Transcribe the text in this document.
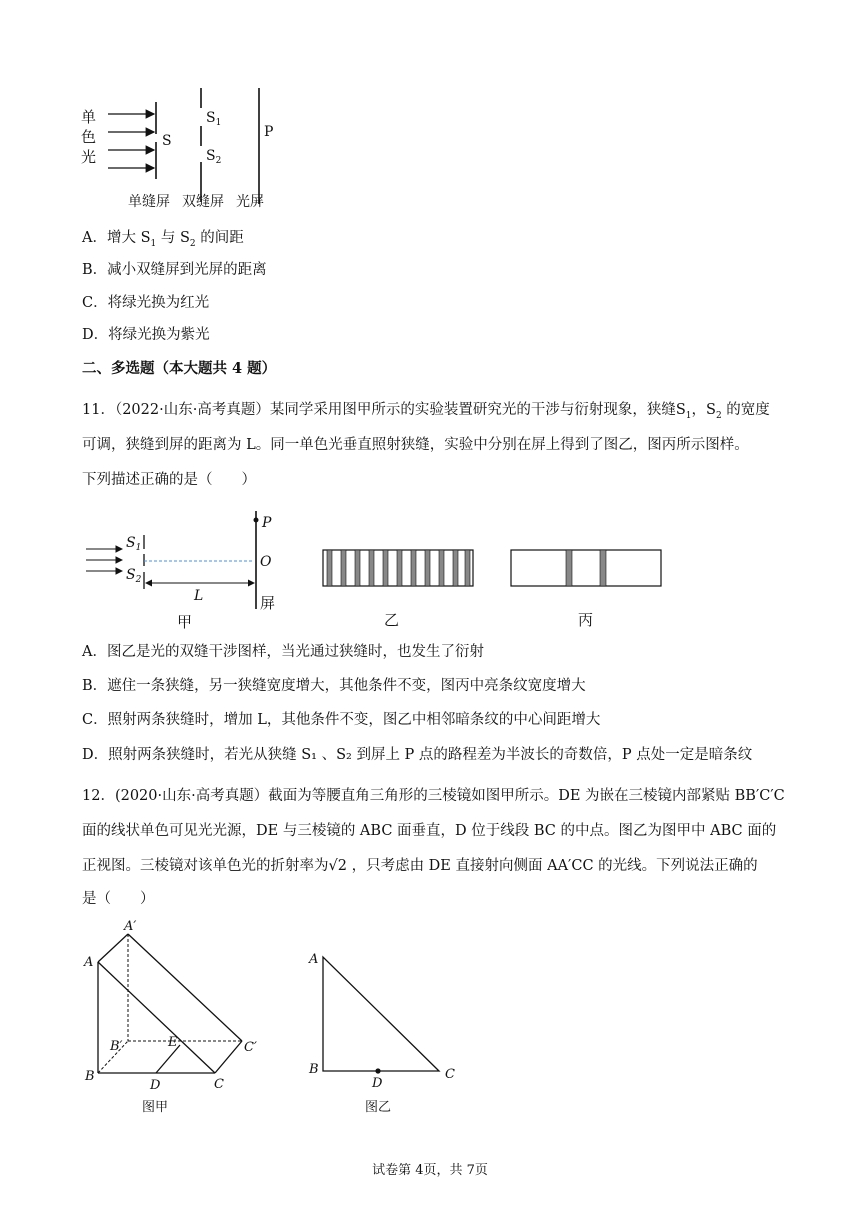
单
色
光
S
$S_1$
$S_2$
P
单缝屏 双缝屏 光屏
A．增大 $S_1$ 与 $S_2$ 的间距
B．减小双缝屏到光屏的距离
C．将绿光换为红光
D．将绿光换为紫光
二、多选题（本大题共 4 题）
11．（2022·山东·高考真题）某同学采用图甲所示的实验装置研究光的干涉与衍射现象，狭缝$S_1$，$S_2$ 的宽度
可调，狭缝到屏的距离为 L。同一单色光垂直照射狭缝，实验中分别在屏上得到了图乙，图丙所示图样。
下列描述正确的是（　　）
$S_1$
$S_2$
P
O
L	屏
甲	乙	丙
A．图乙是光的双缝干涉图样，当光通过狭缝时，也发生了衍射
B．遮住一条狭缝，另一狭缝宽度增大，其他条件不变，图丙中亮条纹宽度增大
C．照射两条狭缝时，增加 L，其他条件不变，图乙中相邻暗条纹的中心间距增大
D．照射两条狭缝时，若光从狭缝 S₁ 、S₂ 到屏上 P 点的路程差为半波长的奇数倍，P 点处一定是暗条纹
12．(2020·山东·高考真题）截面为等腰直角三角形的三棱镜如图甲所示。DE 为嵌在三棱镜内部紧贴 BB′C′C
面的线状单色可见光光源，DE 与三棱镜的 ABC 面垂直，D 位于线段 BC 的中点。图乙为图甲中 ABC 面的
正视图。三棱镜对该单色光的折射率为√2 ，只考虑由 DE 直接射向侧面 AA′CC 的光线。下列说法正确的
是（　　）
A′
A
B′	E	C′
B
D	C
图甲
A
B
D
C
图乙
试卷第 4页，共 7页
